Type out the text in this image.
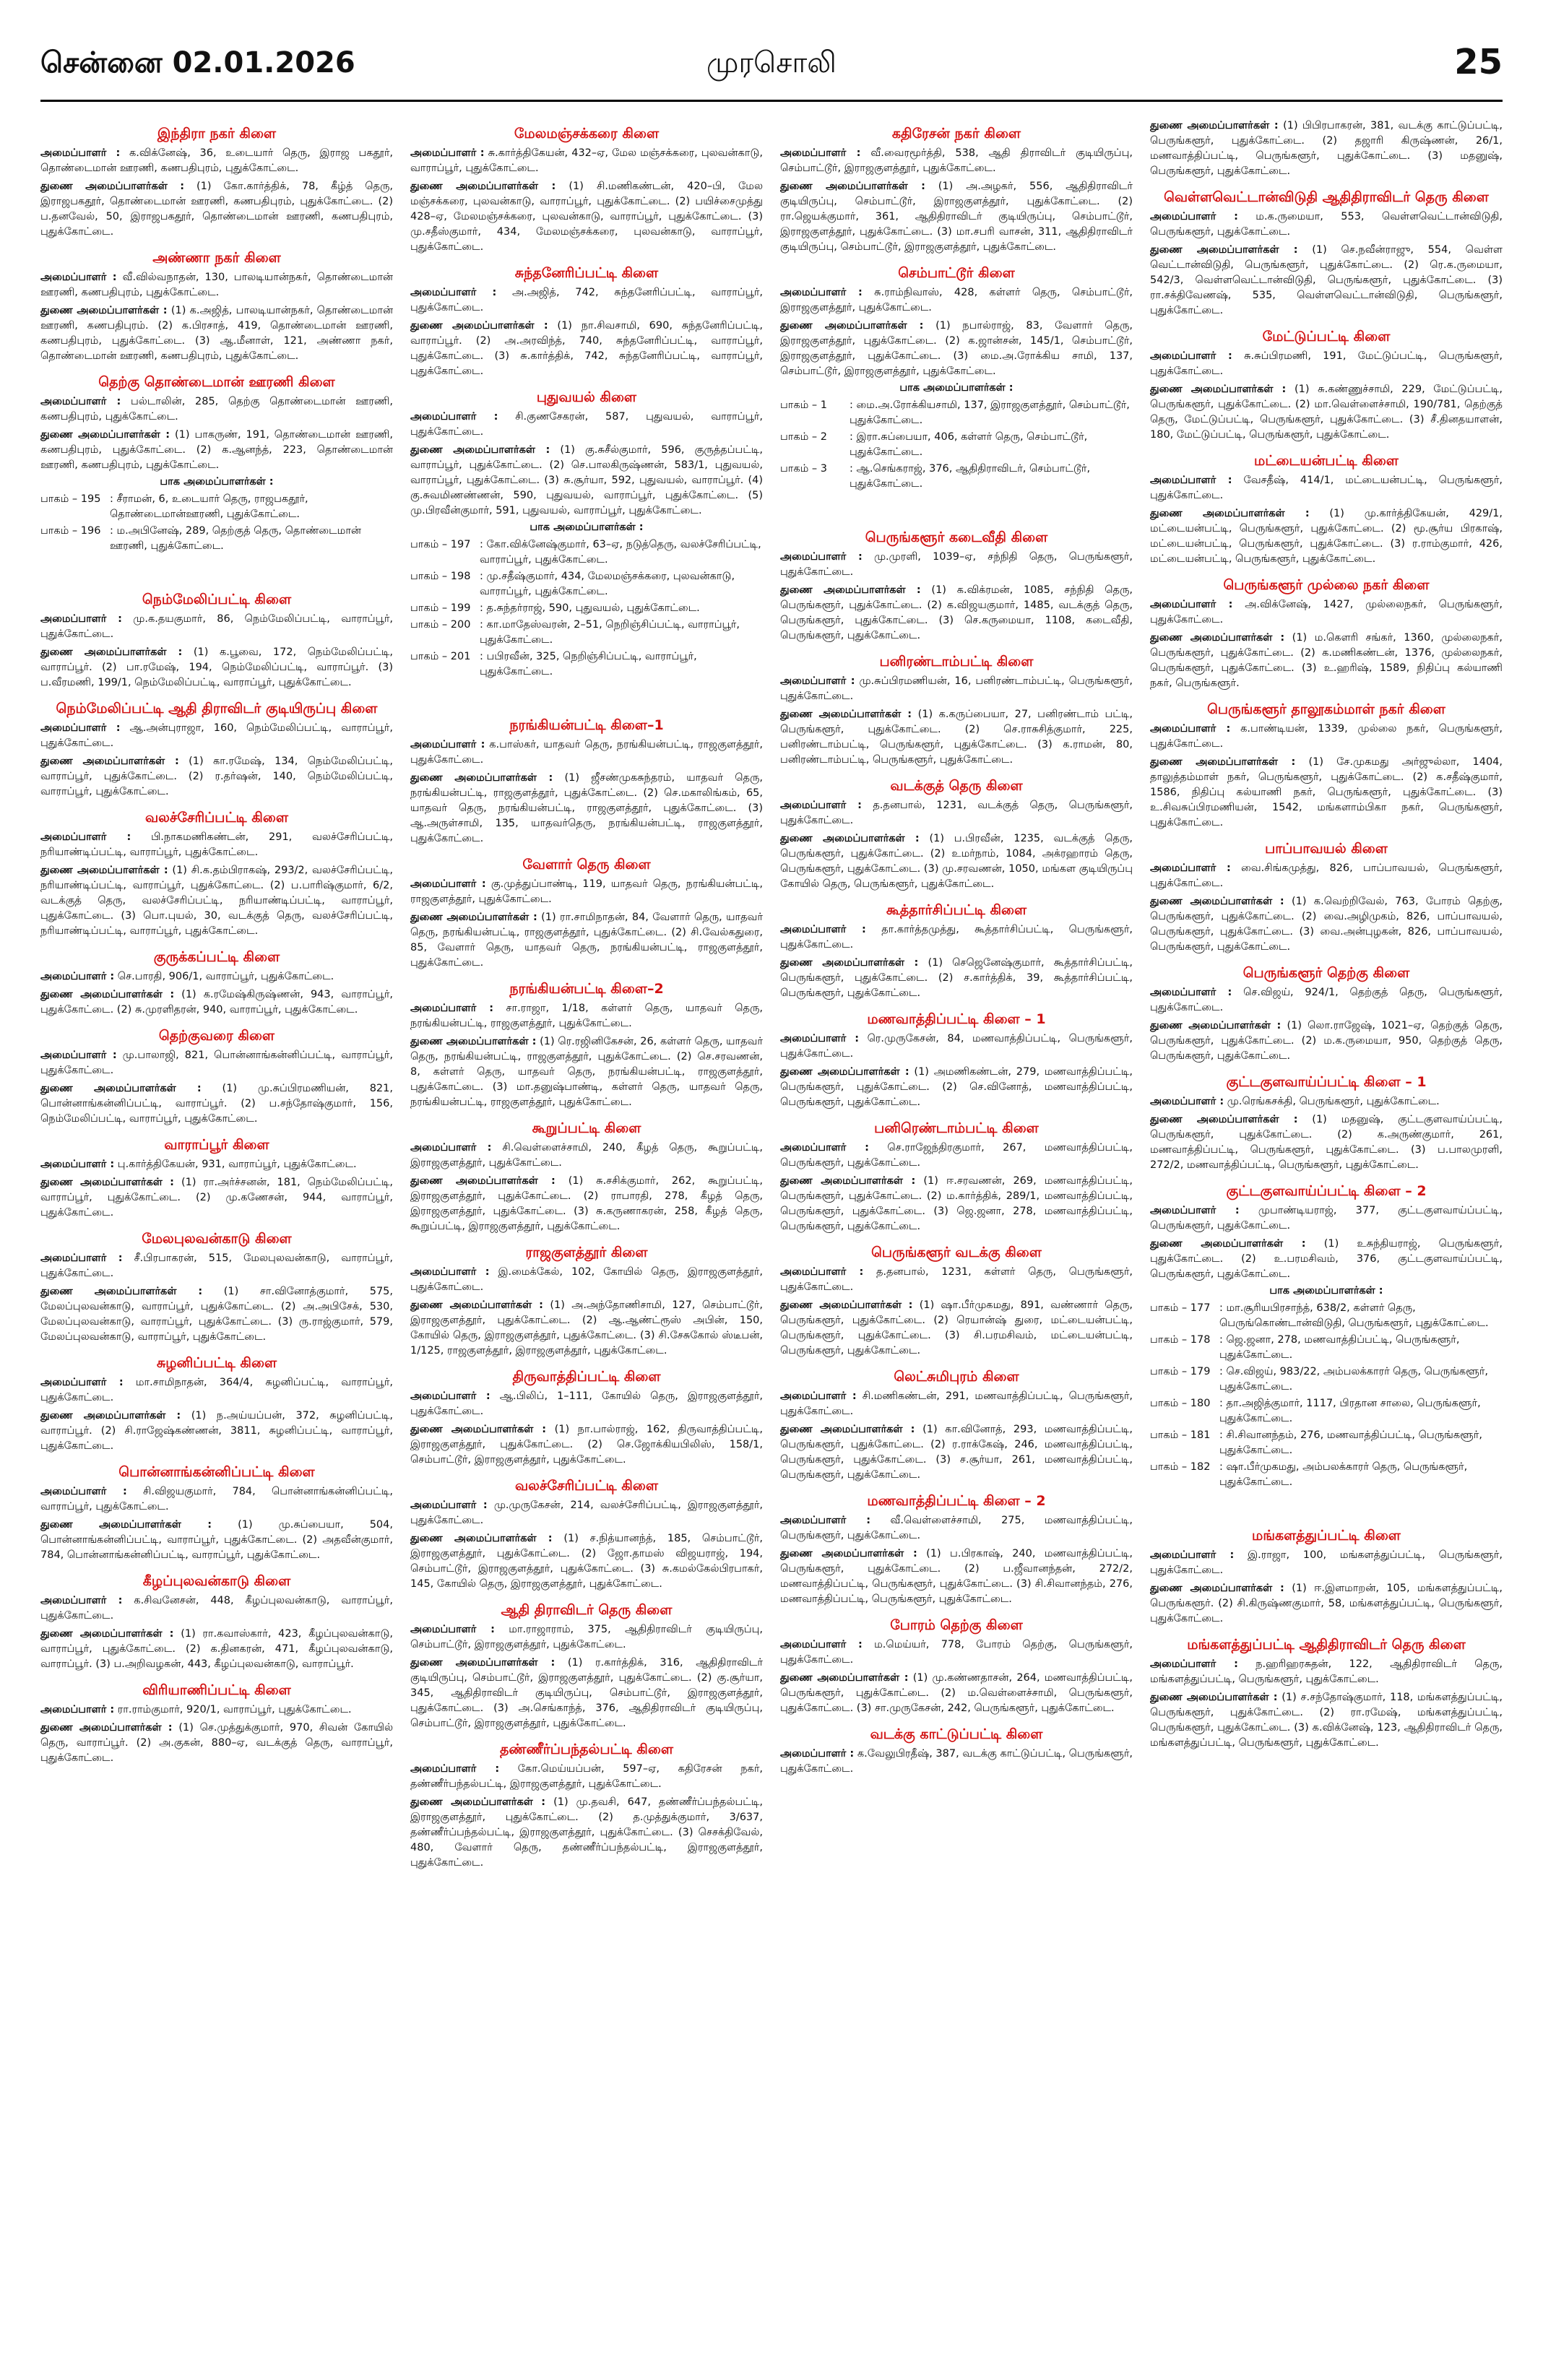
சென்னை 02.01.2026	முரசொலி	25
இந்திரா நகர் கிளை
அமைப்பாளர் : க.விக்னேஷ், 36, உடையார் தெரு, இராஜ பகதூர், தொண்டைமான் ஊரணி, கணபதிபுரம், புதுக்கோட்டை.
துணை அமைப்பாளர்கள் : (1) கோ.கார்த்திக், 78, கீழ்த் தெரு, இராஜபகதூர், தொண்டைமான் ஊரணி, கணபதிபுரம், புதுக்கோட்டை. (2) ப.தனவேல், 50, இராஜபகதூர், தொண்டைமான் ஊரணி, கணபதிபுரம், புதுக்கோட்டை.
அண்ணா நகர் கிளை
அமைப்பாளர் : வீ.வில்வநாதன், 130, பாலடியான்நகர், தொண்டைமான் ஊரணி, கணபதிபுரம், புதுக்கோட்டை.
துணை அமைப்பாளர்கள் : (1) க.அஜித், பாலடியான்நகர், தொண்டைமான் ஊரணி, கணபதிபுரம். (2) க.பிரசாத், 419, தொண்டைமான் ஊரணி, கணபதிபுரம், புதுக்கோட்டை. (3) ஆ.மீனாள், 121, அண்ணா நகர், தொண்டைமான் ஊரணி, கணபதிபுரம், புதுக்கோட்டை.
தெற்கு தொண்டைமான் ஊரணி கிளை
அமைப்பாளர் : பல்டாலின், 285, தெற்கு தொண்டைமான் ஊரணி, கணபதிபுரம், புதுக்கோட்டை.
துணை அமைப்பாளர்கள் : (1) பாகருண், 191, தொண்டைமான் ஊரணி, கணபதிபுரம், புதுக்கோட்டை. (2) க.ஆனந்த், 223, தொண்டைமான் ஊரணி, கணபதிபுரம், புதுக்கோட்டை.
பாக அமைப்பாளர்கள் :
பாகம் – 195 : சீராமன், 6, உடையார் தெரு, ராஜபகதூர், தொண்டைமான்ஊரணி, புதுக்கோட்டை.
பாகம் – 196 : ம.அபினேஷ், 289, தெற்குத் தெரு, தொண்டைமான் ஊரணி, புதுக்கோட்டை.
நெம்மேலிப்பட்டி கிளை
அமைப்பாளர் : மு.க.தயகுமார், 86, நெம்மேலிப்பட்டி, வாராப்பூர், புதுக்கோட்டை.
துணை அமைப்பாளர்கள் : (1) க.பூவை, 172, நெம்மேலிப்பட்டி, வாராப்பூர். (2) பா.ரமேஷ், 194, நெம்மேலிப்பட்டி, வாராப்பூர். (3) ப.வீரமணி, 199/1, நெம்மேலிப்பட்டி, வாராப்பூர், புதுக்கோட்டை.
நெம்மேலிப்பட்டி ஆதி திராவிடர் குடியிருப்பு கிளை
அமைப்பாளர் : ஆ.அன்புராஜா, 160, நெம்மேலிப்பட்டி, வாராப்பூர், புதுக்கோட்டை.
துணை அமைப்பாளர்கள் : (1) கா.ரமேஷ், 134, நெம்மேலிப்பட்டி, வாராப்பூர், புதுக்கோட்டை. (2) ர.தர்ஷன், 140, நெம்மேலிப்பட்டி, வாராப்பூர், புதுக்கோட்டை.
வலச்சேரிப்பட்டி கிளை
அமைப்பாளர் : பி.நாகமணிகண்டன், 291, வலச்சேரிப்பட்டி, நரியாண்டிப்பட்டி, வாராப்பூர், புதுக்கோட்டை.
துணை அமைப்பாளர்கள் : (1) சி.க.தம்பிராகஷ், 293/2, வலச்சேரிப்பட்டி, நரியாண்டிப்பட்டி, வாராப்பூர், புதுக்கோட்டை. (2) ப.பாரிஷ்குமார், 6/2, வடக்குத் தெரு, வலச்சேரிப்பட்டி, நரியாண்டிப்பட்டி, வாராப்பூர், புதுக்கோட்டை. (3) பொ.புயல், 30, வடக்குத் தெரு, வலச்சேரிப்பட்டி, நரியாண்டிப்பட்டி, வாராப்பூர், புதுக்கோட்டை.
குருக்கப்பட்டி கிளை
அமைப்பாளர் : செ.பாரதி, 906/1, வாராப்பூர், புதுக்கோட்டை.
துணை அமைப்பாளர்கள் : (1) க.ரமேஷ்கிருஷ்ணன், 943, வாராப்பூர், புதுக்கோட்டை. (2) சு.முரளிதரன், 940, வாராப்பூர், புதுக்கோட்டை.
தெற்குவரை கிளை
அமைப்பாளர் : மு.பாலாஜி, 821, பொன்னாங்கன்னிப்பட்டி, வாராப்பூர், புதுக்கோட்டை.
துணை அமைப்பாளர்கள் : (1) மு.சுப்பிரமணியன், 821, பொன்னாங்கன்னிப்பட்டி, வாராப்பூர். (2) ப.சந்தோஷ்குமார், 156, நெம்மேலிப்பட்டி, வாராப்பூர், புதுக்கோட்டை.
வாராப்பூர் கிளை
அமைப்பாளர் : பு.கார்த்திகேயன், 931, வாராப்பூர், புதுக்கோட்டை.
துணை அமைப்பாளர்கள் : (1) ரா.அர்ச்சனன், 181, நெம்மேலிப்பட்டி, வாராப்பூர், புதுக்கோட்டை. (2) மு.கணேசன், 944, வாராப்பூர், புதுக்கோட்டை.
மேலபுலவன்காடு கிளை
அமைப்பாளர் : சீ.பிரபாகரன், 515, மேலபுலவன்காடு, வாராப்பூர், புதுக்கோட்டை.
துணை அமைப்பாளர்கள் : (1) சா.வினோத்குமார், 575, மேலப்புலவன்காடு, வாராப்பூர், புதுக்கோட்டை. (2) அ.அபிசேக், 530, மேலப்புலவன்காடு, வாராப்பூர், புதுக்கோட்டை. (3) ரு.ராஜ்குமார், 579, மேலப்புலவன்காடு, வாராப்பூர், புதுக்கோட்டை.
சுழனிப்பட்டி கிளை
அமைப்பாளர் : மா.சாமிநாதன், 364/4, சுழனிப்பட்டி, வாராப்பூர், புதுக்கோட்டை.
துணை அமைப்பாளர்கள் : (1) ந.அய்யப்பன், 372, சுழனிப்பட்டி, வாராப்பூர். (2) சி.ராஜேஷ்கண்ணன், 3811, சுழனிப்பட்டி, வாராப்பூர், புதுக்கோட்டை.
பொன்னாங்கன்னிப்பட்டி கிளை
அமைப்பாளர் : சி.விஜயகுமார், 784, பொன்னாங்கன்னிப்பட்டி, வாராப்பூர், புதுக்கோட்டை.
துணை அமைப்பாளர்கள் : (1) மு.சுப்பையா, 504, பொன்னாங்கன்னிப்பட்டி, வாராப்பூர், புதுக்கோட்டை. (2) அதவீன்குமார், 784, பொன்னாங்கன்னிப்பட்டி, வாராப்பூர், புதுக்கோட்டை.
கீழப்புலவன்காடு கிளை
அமைப்பாளர் : க.சிவனேசன், 448, கீழப்புலவன்காடு, வாராப்பூர், புதுக்கோட்டை.
துணை அமைப்பாளர்கள் : (1) ரா.கவாஸ்கார், 423, கீழப்புலவன்காடு, வாராப்பூர், புதுக்கோட்டை. (2) க.தினகரன், 471, கீழப்புலவன்காடு, வாராப்பூர். (3) ப.அறிவழகன், 443, கீழப்புலவன்காடு, வாராப்பூர்.
விரியாணிப்பட்டி கிளை
அமைப்பாளர் : ரா.ராம்குமார், 920/1, வாராப்பூர், புதுக்கோட்டை.
துணை அமைப்பாளர்கள் : (1) செ.முத்துக்குமார், 970, சிவன் கோயில் தெரு, வாராப்பூர். (2) அ.குகன், 880–ஏ, வடக்குத் தெரு, வாராப்பூர், புதுக்கோட்டை.
மேலமஞ்சக்கரை கிளை
அமைப்பாளர் : சு.கார்த்திகேயன், 432–ஏ, மேல மஞ்சக்கரை, புலவன்காடு, வாராப்பூர், புதுக்கோட்டை.
துணை அமைப்பாளர்கள் : (1) சி.மணிகண்டன், 420–பி, மேல மஞ்சக்கரை, புலவன்காடு, வாராப்பூர், புதுக்கோட்டை. (2) பயிச்சைமுத்து 428–ஏ, மேலமஞ்சக்கரை, புலவன்காடு, வாராப்பூர், புதுக்கோட்டை. (3) மு.சதீஸ்குமார், 434, மேலமஞ்சக்கரை, புலவன்காடு, வாராப்பூர், புதுக்கோட்டை.
சுந்தனேரிப்பட்டி கிளை
அமைப்பாளர் : அ.அஜித், 742, சுந்தனேரிப்பட்டி, வாராப்பூர், புதுக்கோட்டை.
துணை அமைப்பாளர்கள் : (1) நா.சிவசாமி, 690, சுந்தனேரிப்பட்டி, வாராப்பூர். (2) அ.அரவிந்த், 740, சுந்தனேரிப்பட்டி, வாராப்பூர், புதுக்கோட்டை. (3) சு.கார்த்திக், 742, சுந்தனேரிப்பட்டி, வாராப்பூர், புதுக்கோட்டை.
புதுவயல் கிளை
அமைப்பாளர் : சி.குணசேகரன், 587, புதுவயல், வாராப்பூர், புதுக்கோட்டை.
துணை அமைப்பாளர்கள் : (1) கு.சுசீல்குமார், 596, குருத்தப்பட்டி, வாராப்பூர், புதுக்கோட்டை. (2) செ.பாலகிருஷ்ணன், 583/1, புதுவயல், வாராப்பூர், புதுக்கோட்டை. (3) சு.சூர்யா, 592, புதுவயல், வாராப்பூர். (4) கு.சுவமிணண்ணன், 590, புதுவயல், வாராப்பூர், புதுக்கோட்டை. (5) மு.பிரவீன்குமார், 591, புதுவயல், வாராப்பூர், புதுக்கோட்டை.
பாக அமைப்பாளர்கள் :
பாகம் – 197 : கோ.விக்னேஷ்குமார், 63–ஏ, நடுத்தெரு, வலச்சேரிப்பட்டி, வாராப்பூர், புதுக்கோட்டை.
பாகம் – 198 : மு.சதீஷ்குமார், 434, மேலமஞ்சக்கரை, புலவன்காடு, வாராப்பூர், புதுக்கோட்டை.
பாகம் – 199 : த.சுந்தர்ராஜ், 590, புதுவயல், புதுக்கோட்டை.
பாகம் – 200 : கா.மாதேஸ்வரன், 2–51, நெறிஞ்சிப்பட்டி, வாராப்பூர், புதுக்கோட்டை.
பாகம் – 201 : பபிரவீன், 325, நெறிஞ்சிப்பட்டி, வாராப்பூர், புதுக்கோட்டை.
நரங்கியன்பட்டி கிளை–1
அமைப்பாளர் : க.பாஸ்கர், யாதவர் தெரு, நரங்கியன்பட்டி, ராஜகுளத்தூர், புதுக்கோட்டை.
துணை அமைப்பாளர்கள் : (1) ஜீசண்முகசுந்தரம், யாதவர் தெரு, நரங்கியன்பட்டி, ராஜகுளத்தூர், புதுக்கோட்டை. (2) செ.மகாலிங்கம், 65, யாதவர் தெரு, நரங்கியன்பட்டி, ராஜகுளத்தூர், புதுக்கோட்டை. (3) ஆ.அருள்சாமி, 135, யாதவர்தெரு, நரங்கியன்பட்டி, ராஜகுளத்தூர், புதுக்கோட்டை.
வேளார் தெரு கிளை
அமைப்பாளர் : கு.முத்துப்பாண்டி, 119, யாதவர் தெரு, நரங்கியன்பட்டி, ராஜகுளத்தூர், புதுக்கோட்டை.
துணை அமைப்பாளர்கள் : (1) ரா.சாமிநாதன், 84, வேளார் தெரு, யாதவர் தெரு, நரங்கியன்பட்டி, ராஜகுளத்தூர், புதுக்கோட்டை. (2) சி.வேல்கதுரை, 85, வேளார் தெரு, யாதவர் தெரு, நரங்கியன்பட்டி, ராஜகுளத்தூர், புதுக்கோட்டை.
நரங்கியன்பட்டி கிளை–2
அமைப்பாளர் : சா.ராஜா, 1/18, கள்ளர் தெரு, யாதவர் தெரு, நரங்கியன்பட்டி, ராஜகுளத்தூர், புதுக்கோட்டை.
துணை அமைப்பாளர்கள் : (1) ரெ.ரஜினிகேசன், 26, கள்ளர் தெரு, யாதவர் தெரு, நரங்கியன்பட்டி, ராஜகுளத்தூர், புதுக்கோட்டை. (2) செ.சரவணன், 8, கள்ளர் தெரு, யாதவர் தெரு, நரங்கியன்பட்டி, ராஜகுளத்தூர், புதுக்கோட்டை. (3) மா.தனுஷ்பாண்டி, கள்ளர் தெரு, யாதவர் தெரு, நரங்கியன்பட்டி, ராஜகுளத்தூர், புதுக்கோட்டை.
கூறுப்பட்டி கிளை
அமைப்பாளர் : சி.வெள்ளைச்சாமி, 240, கீழத் தெரு, கூறுப்பட்டி, இராஜகுளத்தூர், புதுக்கோட்டை.
துணை அமைப்பாளர்கள் : (1) சு.சசிக்குமார், 262, கூறுப்பட்டி, இராஜகுளத்தூர், புதுக்கோட்டை. (2) ராபாரதி, 278, கீழத் தெரு, இராஜகுளத்தூர், புதுக்கோட்டை. (3) சு.கருணாகரன், 258, கீழத் தெரு, கூறுப்பட்டி, இராஜகுளத்தூர், புதுக்கோட்டை.
ராஜகுளத்தூர் கிளை
அமைப்பாளர் : இ.மைக்கேல், 102, கோயில் தெரு, இராஜகுளத்தூர், புதுக்கோட்டை.
துணை அமைப்பாளர்கள் : (1) அ.அந்தோணிசாமி, 127, செம்பாட்டூர், இராஜகுளத்தூர், புதுக்கோட்டை. (2) ஆ.ஆண்ட்ரூஸ் அபின், 150, கோயில் தெரு, இராஜகுளத்தூர், புதுக்கோட்டை. (3) சி.சேசுகோல் ஸ்டீபன், 1/125, ராஜகுளத்தூர், இராஜகுளத்தூர், புதுக்கோட்டை.
திருவாத்திப்பட்டி கிளை
அமைப்பாளர் : ஆ.பிலிப், 1–111, கோயில் தெரு, இராஜகுளத்தூர், புதுக்கோட்டை.
துணை அமைப்பாளர்கள் : (1) நா.பால்ராஜ், 162, திருவாத்திப்பட்டி, இராஜகுளத்தூர், புதுக்கோட்டை. (2) செ.ஜோக்கியபிலிஸ், 158/1, செம்பாட்டூர், இராஜகுளத்தூர், புதுக்கோட்டை.
வலச்சேரிப்பட்டி கிளை
அமைப்பாளர் : மு.முருகேசன், 214, வலச்சேரிப்பட்டி, இராஜகுளத்தூர், புதுக்கோட்டை.
துணை அமைப்பாளர்கள் : (1) ச.நித்யானந்த், 185, செம்பாட்டூர், இராஜகுளத்தூர், புதுக்கோட்டை. (2) ஜோ.தாமஸ் விஜயராஜ், 194, செம்பாட்டூர், இராஜகுளத்தூர், புதுக்கோட்டை. (3) சு.கமல்கேல்பிரபாகர், 145, கோயில் தெரு, இராஜகுளத்தூர், புதுக்கோட்டை.
ஆதி திராவிடர் தெரு கிளை
அமைப்பாளர் : மா.ராஜாராம், 375, ஆதிதிராவிடர் குடியிருப்பு, செம்பாட்டூர், இராஜகுளத்தூர், புதுக்கோட்டை.
துணை அமைப்பாளர்கள் : (1) ர.கார்த்திக், 316, ஆதிதிராவிடர் குடியிருப்பு, செம்பாட்டூர், இராஜகுளத்தூர், புதுக்கோட்டை. (2) கு.சூர்யா, 345, ஆதிதிராவிடர் குடியிருப்பு, செம்பாட்டூர், இராஜகுளத்தூர், புதுக்கோட்டை. (3) அ.செங்காந்த், 376, ஆதிதிராவிடர் குடியிருப்பு, செம்பாட்டூர், இராஜகுளத்தூர், புதுக்கோட்டை.
தண்ணீர்ப்பந்தல்பட்டி கிளை
அமைப்பாளர் : கோ.மெய்யப்பன், 597–ஏ, கதிரேசன் நகர், தண்ணீர்பந்தல்பட்டி, இராஜகுளத்தூர், புதுக்கோட்டை.
துணை அமைப்பாளர்கள் : (1) மு.தவசி, 647, தண்ணீர்ப்பந்தல்பட்டி, இராஜகுளத்தூர், புதுக்கோட்டை. (2) த.முத்துக்குமார், 3/637, தண்ணீர்ப்பந்தல்பட்டி, இராஜகுளத்தூர், புதுக்கோட்டை. (3) செசக்திவேல், 480, வேளார் தெரு, தண்ணீர்ப்பந்தல்பட்டி, இராஜகுளத்தூர், புதுக்கோட்டை.
கதிரேசன் நகர் கிளை
அமைப்பாளர் : வீ.வைரமூர்த்தி, 538, ஆதி திராவிடர் குடியிருப்பு, செம்பாட்டூர், இராஜகுளத்தூர், புதுக்கோட்டை.
துணை அமைப்பாளர்கள் : (1) அ.அழகர், 556, ஆதிதிராவிடர் குடியிருப்பு, செம்பாட்டூர், இராஜகுளத்தூர், புதுக்கோட்டை. (2) ரா.ஜெயக்குமார், 361, ஆதிதிராவிடர் குடியிருப்பு, செம்பாட்டூர், இராஜகுளத்தூர், புதுக்கோட்டை. (3) மா.சபரி வாசன், 311, ஆதிதிராவிடர் குடியிருப்பு, செம்பாட்டூர், இராஜகுளத்தூர், புதுக்கோட்டை.
செம்பாட்டூர் கிளை
அமைப்பாளர் : சு.ராம்நிவாஸ், 428, கள்ளர் தெரு, செம்பாட்டூர், இராஜகுளத்தூர், புதுக்கோட்டை.
துணை அமைப்பாளர்கள் : (1) நபால்ராஜ், 83, வேளார் தெரு, இராஜகுளத்தூர், புதுக்கோட்டை. (2) க.ஜான்சன், 145/1, செம்பாட்டூர், இராஜகுளத்தூர், புதுக்கோட்டை. (3) மை.அ.ரோக்கிய சாமி, 137, செம்பாட்டூர், இராஜகுளத்தூர், புதுக்கோட்டை.
பாக அமைப்பாளர்கள் :
பாகம் – 1	: மை.அ.ரோக்கியசாமி, 137, இராஜகுளத்தூர், செம்பாட்டூர், புதுக்கோட்டை.
பாகம் – 2	: இரா.சுப்பையா, 406, கள்ளர் தெரு, செம்பாட்டூர், புதுக்கோட்டை.
பாகம் – 3	: ஆ.செங்கராஜ், 376, ஆதிதிராவிடர், செம்பாட்டூர், புதுக்கோட்டை.
பெருங்களூர் கடைவீதி கிளை
அமைப்பாளர் : மு.முரளி, 1039–ஏ, சந்நிதி தெரு, பெருங்களூர், புதுக்கோட்டை.
துணை அமைப்பாளர்கள் : (1) க.விக்ரமன், 1085, சந்நிதி தெரு, பெருங்களூர், புதுக்கோட்டை. (2) க.விஜயகுமார், 1485, வடக்குத் தெரு, பெருங்களூர், புதுக்கோட்டை. (3) செ.கருமையா, 1108, கடைவீதி, பெருங்களூர், புதுக்கோட்டை.
பனிரண்டாம்பட்டி கிளை
அமைப்பாளர் : மு.சுப்பிரமணியன், 16, பனிரண்டாம்பட்டி, பெருங்களூர், புதுக்கோட்டை.
துணை அமைப்பாளர்கள் : (1) க.கருப்பையா, 27, பனிரண்டாம் பட்டி, பெருங்களூர், புதுக்கோட்டை. (2) செ.ராசுசித்குமார், 225, பனிரண்டாம்பட்டி, பெருங்களூர், புதுக்கோட்டை. (3) க.ராமன், 80, பனிரண்டாம்பட்டி, பெருங்களூர், புதுக்கோட்டை.
வடக்குத் தெரு கிளை
அமைப்பாளர் : த.தனபால், 1231, வடக்குத் தெரு, பெருங்களூர், புதுக்கோட்டை.
துணை அமைப்பாளர்கள் : (1) ப.பிரவீன், 1235, வடக்குத் தெரு, பெருங்களூர், புதுக்கோட்டை. (2) உமர்நாம், 1084, அக்ரஹாரம் தெரு, பெருங்களூர், புதுக்கோட்டை. (3) மு.சரவணன், 1050, மங்கள குடியிருப்பு கோயில் தெரு, பெருங்களூர், புதுக்கோட்டை.
கூத்தார்சிப்பட்டி கிளை
அமைப்பாளர் : தா.கார்த்தமுத்து, கூத்தார்சிப்பட்டி, பெருங்களூர், புதுக்கோட்டை.
துணை அமைப்பாளர்கள் : (1) செஜெனேஷ்குமார், கூத்தார்சிப்பட்டி, பெருங்களூர், புதுக்கோட்டை. (2) ச.கார்த்திக், 39, கூத்தார்சிப்பட்டி, பெருங்களூர், புதுக்கோட்டை.
மணவாத்திப்பட்டி கிளை – 1
அமைப்பாளர் : ரெ.முருகேசன், 84, மணவாத்திப்பட்டி, பெருங்களூர், புதுக்கோட்டை.
துணை அமைப்பாளர்கள் : (1) அமணிகண்டன், 279, மணவாத்திப்பட்டி, பெருங்களூர், புதுக்கோட்டை. (2) செ.வினோத், மணவாத்திப்பட்டி, பெருங்களூர், புதுக்கோட்டை.
பனிரெண்டாம்பட்டி கிளை
அமைப்பாளர் : செ.ராஜேந்திரகுமார், 267, மணவாத்திப்பட்டி, பெருங்களூர், புதுக்கோட்டை.
துணை அமைப்பாளர்கள் : (1) ஈ.சரவணன், 269, மணவாத்திப்பட்டி, பெருங்களூர், புதுக்கோட்டை. (2) ம.கார்த்திக், 289/1, மணவாத்திப்பட்டி, பெருங்களூர், புதுக்கோட்டை. (3) ஜெ.ஜனா, 278, மணவாத்திப்பட்டி, பெருங்களூர், புதுக்கோட்டை.
பெருங்களூர் வடக்கு கிளை
அமைப்பாளர் : த.தனபால், 1231, கள்ளர் தெரு, பெருங்களூர், புதுக்கோட்டை.
துணை அமைப்பாளர்கள் : (1) ஷா.பீர்முகமது, 891, வண்ணார் தெரு, பெருங்களூர், புதுக்கோட்டை. (2) ரெயான்ஷ் துரை, மட்டையன்பட்டி, பெருங்களூர், புதுக்கோட்டை. (3) சி.பரமசிவம், மட்டையன்பட்டி, பெருங்களூர், புதுக்கோட்டை.
லெட்சுமிபுரம் கிளை
அமைப்பாளர் : சி.மணிகண்டன், 291, மணவாத்திப்பட்டி, பெருங்களூர், புதுக்கோட்டை.
துணை அமைப்பாளர்கள் : (1) கா.வினோத், 293, மணவாத்திப்பட்டி, பெருங்களூர், புதுக்கோட்டை. (2) ர.ராக்கேஷ், 246, மணவாத்திப்பட்டி, பெருங்களூர், புதுக்கோட்டை. (3) ச.சூர்யா, 261, மணவாத்திப்பட்டி, பெருங்களூர், புதுக்கோட்டை.
மணவாத்திப்பட்டி கிளை – 2
அமைப்பாளர் : வீ.வெள்ளைச்சாமி, 275, மணவாத்திப்பட்டி, பெருங்களூர், புதுக்கோட்டை.
துணை அமைப்பாளர்கள் : (1) ப.பிரகாஷ், 240, மணவாத்திப்பட்டி, பெருங்களூர், புதுக்கோட்டை. (2) ப.ஜீவானந்தன், 272/2, மணவாத்திப்பட்டி, பெருங்களூர், புதுக்கோட்டை. (3) சி.சிவானந்தம், 276, மணவாத்திப்பட்டி, பெருங்களூர், புதுக்கோட்டை.
போரம் தெற்கு கிளை
அமைப்பாளர் : ம.மெய்யர், 778, போரம் தெற்கு, பெருங்களூர், புதுக்கோட்டை.
துணை அமைப்பாளர்கள் : (1) மு.கண்ணதாசன், 264, மணவாத்திப்பட்டி, பெருங்களூர், புதுக்கோட்டை. (2) ம.வெள்ளைச்சாமி, பெருங்களூர், புதுக்கோட்டை. (3) சா.முருகேசன், 242, பெருங்களூர், புதுக்கோட்டை.
வடக்கு காட்டுப்பட்டி கிளை
அமைப்பாளர் : க.வேலுபிரதீஷ், 387, வடக்கு காட்டுப்பட்டி, பெருங்களூர், புதுக்கோட்டை.
துணை அமைப்பாளர்கள் : (1) பிபிரபாகரன், 381, வடக்கு காட்டுப்பட்டி, பெருங்களூர், புதுக்கோட்டை. (2) தஜாரி கிருஷ்ணன், 26/1, மணவாத்திப்பட்டி, பெருங்களூர், புதுக்கோட்டை. (3) மதனுஷ், பெருங்களூர், புதுக்கோட்டை.
வெள்ளவெட்டான்விடுதி ஆதிதிராவிடர் தெரு கிளை
அமைப்பாளர் : ம.க.ருமையா, 553, வெள்ளவெட்டான்விடுதி, பெருங்களூர், புதுக்கோட்டை.
துணை அமைப்பாளர்கள் : (1) செ.நவீன்ராஜு, 554, வெள்ள வெட்டான்விடுதி, பெருங்களூர், புதுக்கோட்டை. (2) ரெ.க.ருமையா, 542/3, வெள்ளவெட்டான்விடுதி, பெருங்களூர், புதுக்கோட்டை. (3) ரா.சக்திவேணஷ், 535, வெள்ளவெட்டான்விடுதி, பெருங்களூர், புதுக்கோட்டை.
மேட்டுப்பட்டி கிளை
அமைப்பாளர் : சு.சுப்பிரமணி, 191, மேட்டுப்பட்டி, பெருங்களூர், புதுக்கோட்டை.
துணை அமைப்பாளர்கள் : (1) சு.கண்ணுச்சாமி, 229, மேட்டுப்பட்டி, பெருங்களூர், புதுக்கோட்டை. (2) மா.வெள்ளைச்சாமி, 190/781, தெற்குத் தெரு, மேட்டுப்பட்டி, பெருங்களூர், புதுக்கோட்டை. (3) சீ.தினதயாளன், 180, மேட்டுப்பட்டி, பெருங்களூர், புதுக்கோட்டை.
மட்டையன்பட்டி கிளை
அமைப்பாளர் : வேசதீஷ், 414/1, மட்டையன்பட்டி, பெருங்களூர், புதுக்கோட்டை.
துணை அமைப்பாளர்கள் : (1) மு.கார்த்திகேயன், 429/1, மட்டையன்பட்டி, பெருங்களூர், புதுக்கோட்டை. (2) மூ.சூர்ய பிரகாஷ், மட்டையன்பட்டி, பெருங்களூர், புதுக்கோட்டை. (3) ர.ராம்குமார், 426, மட்டையன்பட்டி, பெருங்களூர், புதுக்கோட்டை.
பெருங்களூர் முல்லை நகர் கிளை
அமைப்பாளர் : அ.விக்னேஷ், 1427, முல்லைநகர், பெருங்களூர், புதுக்கோட்டை.
துணை அமைப்பாளர்கள் : (1) ம.கௌரி சங்கர், 1360, முல்லைநகர், பெருங்களூர், புதுக்கோட்டை. (2) க.மணிகண்டன், 1376, முல்லைநகர், பெருங்களூர், புதுக்கோட்டை. (3) உ.ஹரிஷ், 1589, நிதிப்பு கல்யாணி நகர், பெருங்களூர்.
பெருங்களூர் தாலூகம்மாள் நகர் கிளை
அமைப்பாளர் : க.பாண்டியன், 1339, முல்லை நகர், பெருங்களூர், புதுக்கோட்டை.
துணை அமைப்பாளர்கள் : (1) சே.முகமது அர்ஜுல்லா, 1404, தாலுத்தம்மாள் நகர், பெருங்களூர், புதுக்கோட்டை. (2) க.சதீஷ்குமார், 1586, நிதிப்பு கல்யாணி நகர், பெருங்களூர், புதுக்கோட்டை. (3) உ.சிவசுப்பிரமணியன், 1542, மங்களாம்பிகா நகர், பெருங்களூர், புதுக்கோட்டை.
பாப்பாவயல் கிளை
அமைப்பாளர் : வை.சிங்கமுத்து, 826, பாப்பாவயல், பெருங்களூர், புதுக்கோட்டை.
துணை அமைப்பாளர்கள் : (1) க.வெற்றிவேல், 763, போரம் தெற்கு, பெருங்களூர், புதுக்கோட்டை. (2) வை.அழிமுகம், 826, பாப்பாவயல், பெருங்களூர், புதுக்கோட்டை. (3) வை.அன்புழகன், 826, பாப்பாவயல், பெருங்களூர், புதுக்கோட்டை.
பெருங்களூர் தெற்கு கிளை
அமைப்பாளர் : செ.விஜய், 924/1, தெற்குத் தெரு, பெருங்களூர், புதுக்கோட்டை.
துணை அமைப்பாளர்கள் : (1) லொ.ராஜேஷ், 1021–ஏ, தெற்குத் தெரு, பெருங்களூர், புதுக்கோட்டை. (2) ம.க.ருமையா, 950, தெற்குத் தெரு, பெருங்களூர், புதுக்கோட்டை.
குட்டகுளவாய்ப்பட்டி கிளை – 1
அமைப்பாளர் : மு.ரெங்கசக்தி, பெருங்களூர், புதுக்கோட்டை.
துணை அமைப்பாளர்கள் : (1) மதனுஷ், குட்டகுளவாய்ப்பட்டி, பெருங்களூர், புதுக்கோட்டை. (2) க.அருண்குமார், 261, மணவாத்திப்பட்டி, பெருங்களூர், புதுக்கோட்டை. (3) ப.பாலமுரளி, 272/2, மணவாத்திப்பட்டி, பெருங்களூர், புதுக்கோட்டை.
குட்டகுளவாய்ப்பட்டி கிளை – 2
அமைப்பாளர் : முபாண்டியராஜ், 377, குட்டகுளவாய்ப்பட்டி, பெருங்களூர், புதுக்கோட்டை.
துணை அமைப்பாளர்கள் : (1) உசுந்தியராஜ், பெருங்களூர், புதுக்கோட்டை. (2) உ.பரமசிவம், 376, குட்டகுளவாய்ப்பட்டி, பெருங்களூர், புதுக்கோட்டை.
பாக அமைப்பாளர்கள் :
பாகம் – 177 : மா.சூரியபிரசாந்த், 638/2, கள்ளர் தெரு, பெருங்கொண்டான்விடுதி, பெருங்களூர், புதுக்கோட்டை.
பாகம் – 178 : ஜெ.ஜனா, 278, மணவாத்திப்பட்டி, பெருங்களூர், புதுக்கோட்டை.
பாகம் – 179 : செ.விஜய், 983/22, அம்பலக்காரர் தெரு, பெருங்களூர், புதுக்கோட்டை.
பாகம் – 180 : தா.அஜித்குமார், 1117, பிரதான சாலை, பெருங்களூர், புதுக்கோட்டை.
பாகம் – 181 : சி.சிவானந்தம், 276, மணவாத்திப்பட்டி, பெருங்களூர், புதுக்கோட்டை.
பாகம் – 182 : ஷா.பீர்முகமது, அம்பலக்காரர் தெரு, பெருங்களூர், புதுக்கோட்டை.
மங்களத்துப்பட்டி கிளை
அமைப்பாளர் : இ.ராஜா, 100, மங்களத்துப்பட்டி, பெருங்களூர், புதுக்கோட்டை.
துணை அமைப்பாளர்கள் : (1) ஈ.இளமாறன், 105, மங்களத்துப்பட்டி, பெருங்களூர். (2) சி.கிருஷ்ணகுமார், 58, மங்களத்துப்பட்டி, பெருங்களூர், புதுக்கோட்டை.
மங்களத்துப்பட்டி ஆதிதிராவிடர் தெரு கிளை
அமைப்பாளர் : ந.ஹரிஹரசுதன், 122, ஆதிதிராவிடர் தெரு, மங்களத்துப்பட்டி, பெருங்களூர், புதுக்கோட்டை.
துணை அமைப்பாளர்கள் : (1) ச.சந்தோஷ்குமார், 118, மங்களத்துப்பட்டி, பெருங்களூர், புதுக்கோட்டை. (2) ரா.ரமேஷ், மங்களத்துப்பட்டி, பெருங்களூர், புதுக்கோட்டை. (3) க.விக்னேஷ், 123, ஆதிதிராவிடர் தெரு, மங்களத்துப்பட்டி, பெருங்களூர், புதுக்கோட்டை.
